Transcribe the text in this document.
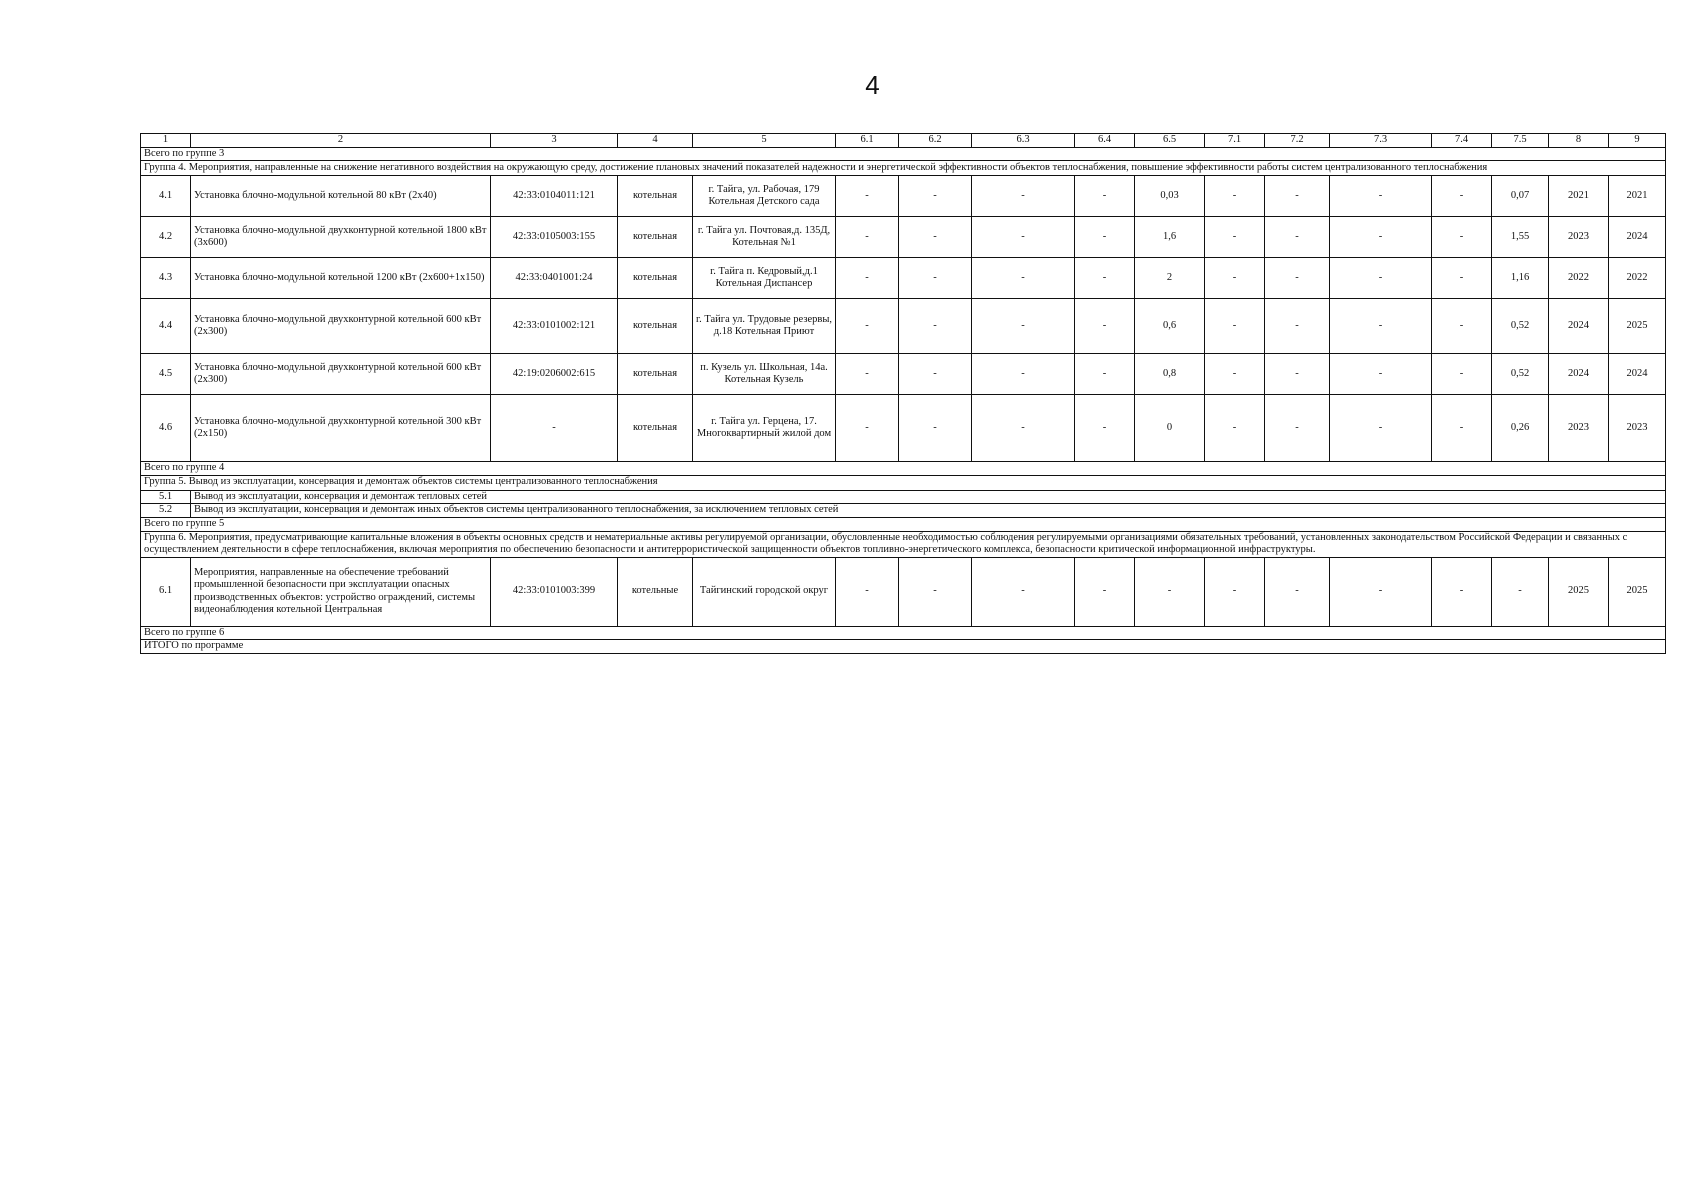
4
1	2	3	4	5	6.1	6.2	6.3	6.4	6.5	7.1	7.2	7.3	7.4	7.5	8	9
Всего по группе 3																
Группа 4. Мероприятия, направленные на снижение негативного воздействия на окружающую среду, достижение плановых значений показателей надежности и энергетической эффективности объектов теплоснабжения, повышение эффективности работы систем централизованного теплоснабжения																
4.1	Установка блочно-модульной котельной 80 кВт (2х40)	42:33:0104011:121	котельная	г. Тайга, ул. Рабочая, 179 Котельная Детского сада	-	-	-	-	0,03	-	-	-	-	0,07	2021	2021
4.2	Установка блочно-модульной двухконтурной котельной 1800 кВт (3х600)	42:33:0105003:155	котельная	г. Тайга ул. Почтовая,д. 135Д, Котельная №1	-	-	-	-	1,6	-	-	-	-	1,55	2023	2024
4.3	Установка блочно-модульной котельной 1200 кВт (2х600+1х150)	42:33:0401001:24	котельная	г. Тайга п. Кедровый,д.1 Котельная Диспансер	-	-	-	-	2	-	-	-	-	1,16	2022	2022
4.4	Установка блочно-модульной двухконтурной котельной 600 кВт (2х300)	42:33:0101002:121	котельная	г. Тайга ул. Трудовые резервы, д.18 Котельная Приют	-	-	-	-	0,6	-	-	-	-	0,52	2024	2025
4.5	Установка блочно-модульной двухконтурной котельной 600 кВт (2х300)	42:19:0206002:615	котельная	п. Кузель ул. Школьная, 14а. Котельная Кузель	-	-	-	-	0,8	-	-	-	-	0,52	2024	2024
4.6	Установка блочно-модульной двухконтурной котельной 300 кВт (2х150)	-	котельная	г. Тайга ул. Герцена, 17. Многоквартирный жилой дом	-	-	-	-	0	-	-	-	-	0,26	2023	2023
Всего по группе 4																
Группа 5. Вывод из эксплуатации, консервация и демонтаж объектов системы централизованного теплоснабжения																
5.1	Вывод из эксплуатации, консервация и демонтаж тепловых сетей															
5.2	Вывод из эксплуатации, консервация и демонтаж иных объектов системы централизованного теплоснабжения, за исключением тепловых сетей															
Всего по группе 5																
Группа 6. Мероприятия, предусматривающие капитальные вложения в объекты основных средств и нематериальные активы регулируемой организации, обусловленные необходимостью соблюдения регулируемыми организациями обязательных требований, установленных законодательством Российской Федерации и связанных с осуществлением деятельности в сфере теплоснабжения, включая мероприятия по обеспечению безопасности и антитеррористической защищенности объектов топливно-энергетического комплекса, безопасности критической информационной инфраструктуры.																
6.1	Мероприятия, направленные на обеспечение требований промышленной безопасности при эксплуатации опасных производственных объектов: устройство ограждений, системы видеонаблюдения котельной Центральная	42:33:0101003:399	котельные	Тайгинский городской округ	-	-	-	-	-	-	-	-	-	-	2025	2025
Всего по группе 6																
ИТОГО по программе																
